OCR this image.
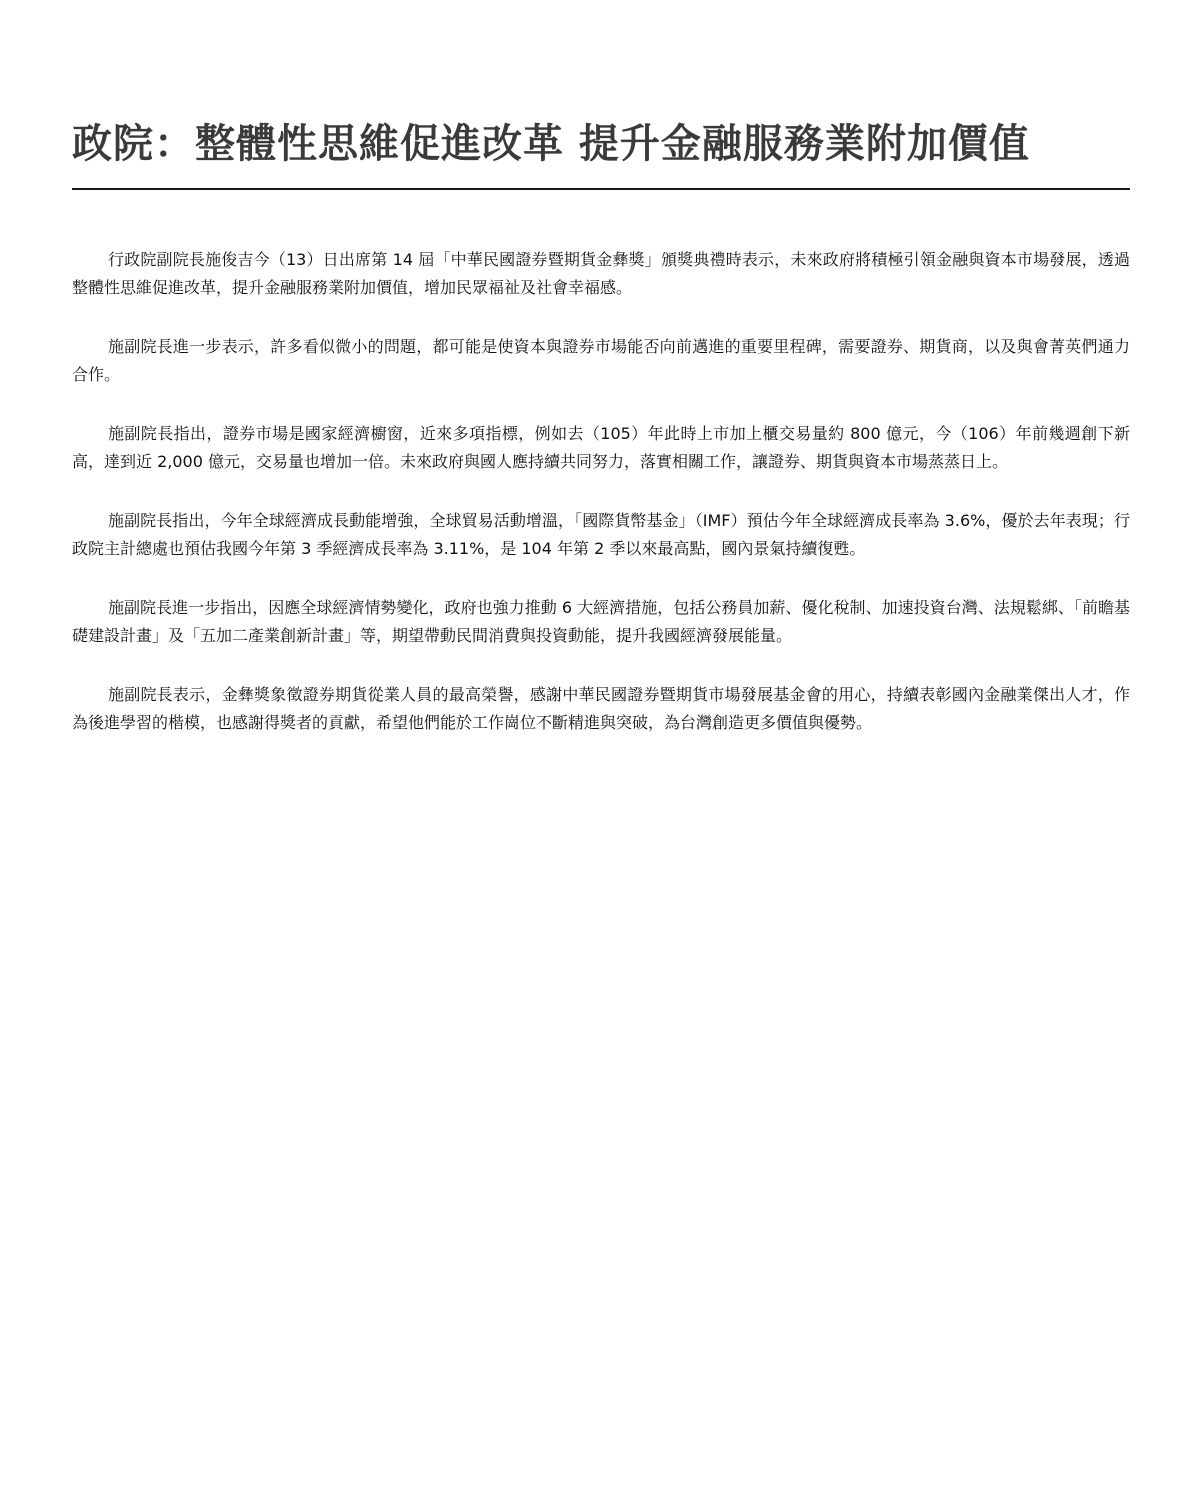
政院：整體性思維促進改革 提升金融服務業附加價值

行政院副院長施俊吉今（13）日出席第 14 屆「中華民國證券暨期貨金彝獎」頒獎典禮時表示，未來政府將積極引領金融與資本市場發展，透過整體性思維促進改革，提升金融服務業附加價值，增加民眾福祉及社會幸福感。

施副院長進一步表示，許多看似微小的問題，都可能是使資本與證券市場能否向前邁進的重要里程碑，需要證券、期貨商，以及與會菁英們通力合作。

施副院長指出，證券市場是國家經濟櫥窗，近來多項指標，例如去（105）年此時上市加上櫃交易量約 800 億元，今（106）年前幾週創下新高，達到近 2,000 億元，交易量也增加一倍。未來政府與國人應持續共同努力，落實相關工作，讓證券、期貨與資本市場蒸蒸日上。

施副院長指出，今年全球經濟成長動能增強，全球貿易活動增溫，「國際貨幣基金」（IMF）預估今年全球經濟成長率為 3.6%，優於去年表現；行政院主計總處也預估我國今年第 3 季經濟成長率為 3.11%，是 104 年第 2 季以來最高點，國內景氣持續復甦。

施副院長進一步指出，因應全球經濟情勢變化，政府也強力推動 6 大經濟措施，包括公務員加薪、優化稅制、加速投資台灣、法規鬆綁、「前瞻基礎建設計畫」及「五加二產業創新計畫」等，期望帶動民間消費與投資動能，提升我國經濟發展能量。

施副院長表示，金彝獎象徵證券期貨從業人員的最高榮譽，感謝中華民國證券暨期貨市場發展基金會的用心，持續表彰國內金融業傑出人才，作為後進學習的楷模，也感謝得獎者的貢獻，希望他們能於工作崗位不斷精進與突破，為台灣創造更多價值與優勢。
